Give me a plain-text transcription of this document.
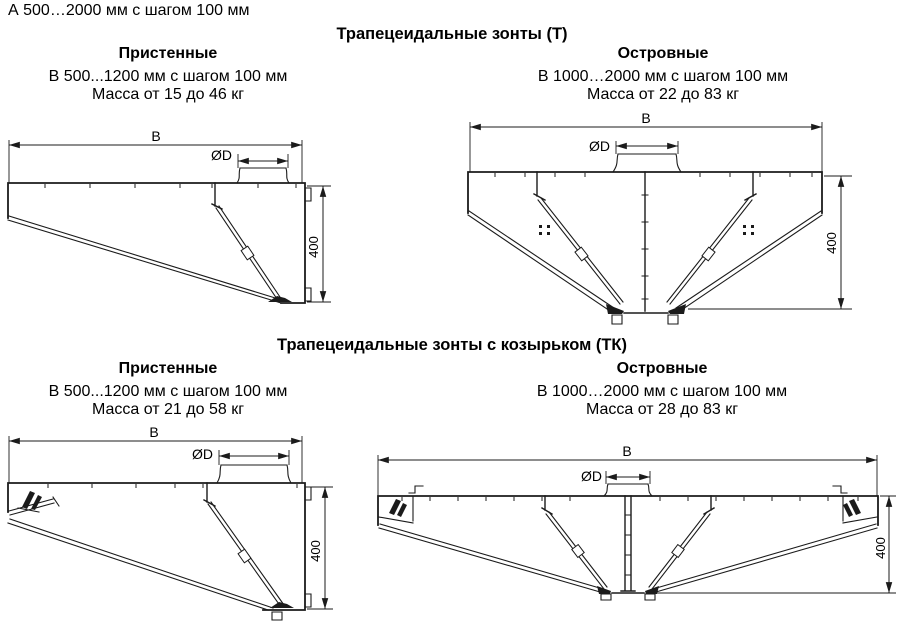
B
ØD
400
B
ØD
400
B
ØD
400
B
ØD
400
А 500…2000 мм с шагом 100 мм
Трапецеидальные зонты (Т)
Пристенные
В 500...1200 мм с шагом 100 мм
Масса от 15 до 46 кг
Островные
В 1000…2000 мм с шагом 100 мм
Масса от 22 до 83 кг
Трапецеидальные зонты с козырьком (ТК)
Пристенные
В 500...1200 мм с шагом 100 мм
Масса от 21 до 58 кг
Островные
В 1000…2000 мм с шагом 100 мм
Масса от 28 до 83 кг
